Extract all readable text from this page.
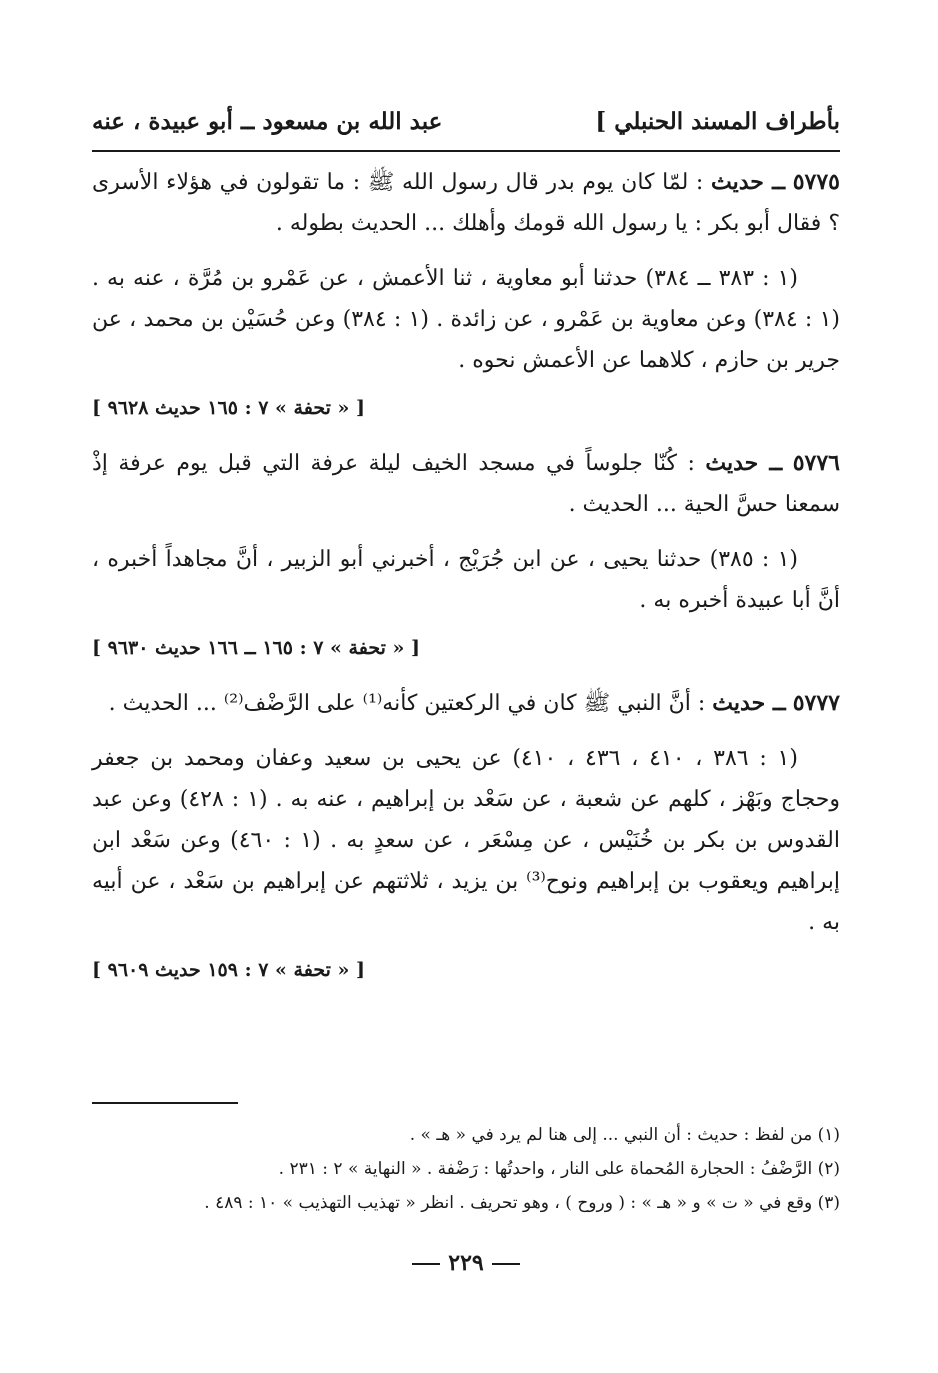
بأطراف المسند الحنبلي ]
عبد الله بن مسعود ــ أبو عبيدة ، عنه

٥٧٧٥ ــ حديث : لمّا كان يوم بدر قال رسول الله ﷺ : ما تقولون في هؤلاء الأسرى ؟ فقال أبو بكر : يا رسول الله قومك وأهلك ... الحديث بطوله .

(١ : ٣٨٣ ــ ٣٨٤) حدثنا أبو معاوية ، ثنا الأعمش ، عن عَمْرو بن مُرَّة ، عنه به . (١ : ٣٨٤) وعن معاوية بن عَمْرو ، عن زائدة . (١ : ٣٨٤) وعن حُسَيْن بن محمد ، عن جرير بن حازم ، كلاهما عن الأعمش نحوه .

[ « تحفة » ٧ : ١٦٥ حديث ٩٦٢٨ ]

٥٧٧٦ ــ حديث : كُنّا جلوساً في مسجد الخيف ليلة عرفة التي قبل يوم عرفة إذْ سمعنا حسَّ الحية ... الحديث .

(١ : ٣٨٥) حدثنا يحيى ، عن ابن جُرَيْج ، أخبرني أبو الزبير ، أنَّ مجاهداً أخبره ، أنَّ أبا عبيدة أخبره به .

[ « تحفة » ٧ : ١٦٥ ــ ١٦٦ حديث ٩٦٣٠ ]

٥٧٧٧ ــ حديث : أنَّ النبي ﷺ كان في الركعتين كأنه⁽¹⁾ على الرَّضْف⁽²⁾ ... الحديث .

(١ : ٣٨٦ ، ٤١٠ ، ٤٣٦ ، ٤١٠) عن يحيى بن سعيد وعفان ومحمد بن جعفر وحجاج وبَهْز ، كلهم عن شعبة ، عن سَعْد بن إبراهيم ، عنه به . (١ : ٤٢٨) وعن عبد القدوس بن بكر بن خُنَيْس ، عن مِسْعَر ، عن سعدٍ به . (١ : ٤٦٠) وعن سَعْد ابن إبراهيم ويعقوب بن إبراهيم ونوح⁽³⁾ بن يزيد ، ثلاثتهم عن إبراهيم بن سَعْد ، عن أبيه به .

[ « تحفة » ٧ : ١٥٩ حديث ٩٦٠٩ ]

(١) من لفظ : حديث : أن النبي ... إلى هنا لم يرد في « هـ » .

(٢) الرَّضْفُ : الحجارة المُحماة على النار ، واحدتُها : رَضْفة . « النهاية » ٢ : ٢٣١ .

(٣) وقع في « ت » و « هـ » : ( وروح ) ، وهو تحريف . انظر « تهذيب التهذيب » ١٠ : ٤٨٩ .

٢٢٩
